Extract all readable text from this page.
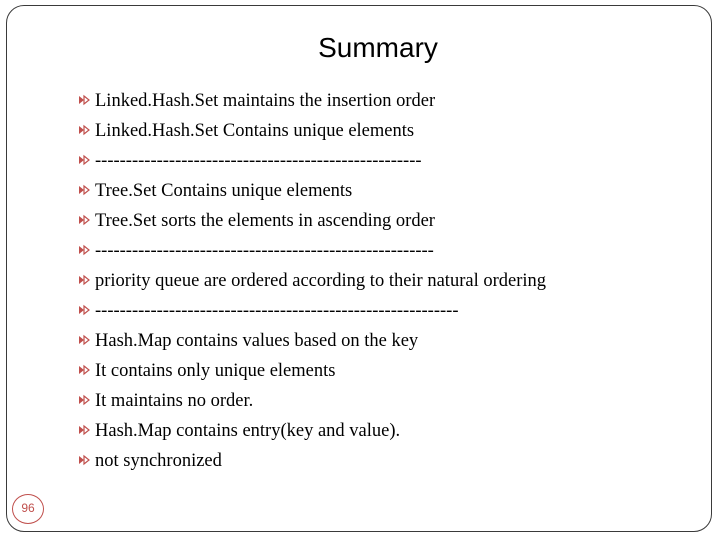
Summary
Linked.Hash.Set maintains the insertion order
Linked.Hash.Set Contains unique elements
-----------------------------------------------------
Tree.Set Contains unique elements
Tree.Set sorts the elements in ascending order
-------------------------------------------------------
priority queue are ordered according to their natural ordering
-----------------------------------------------------------
Hash.Map contains values based on the key
It contains only unique elements
It maintains no order.
Hash.Map contains entry(key and value).
not synchronized
96
